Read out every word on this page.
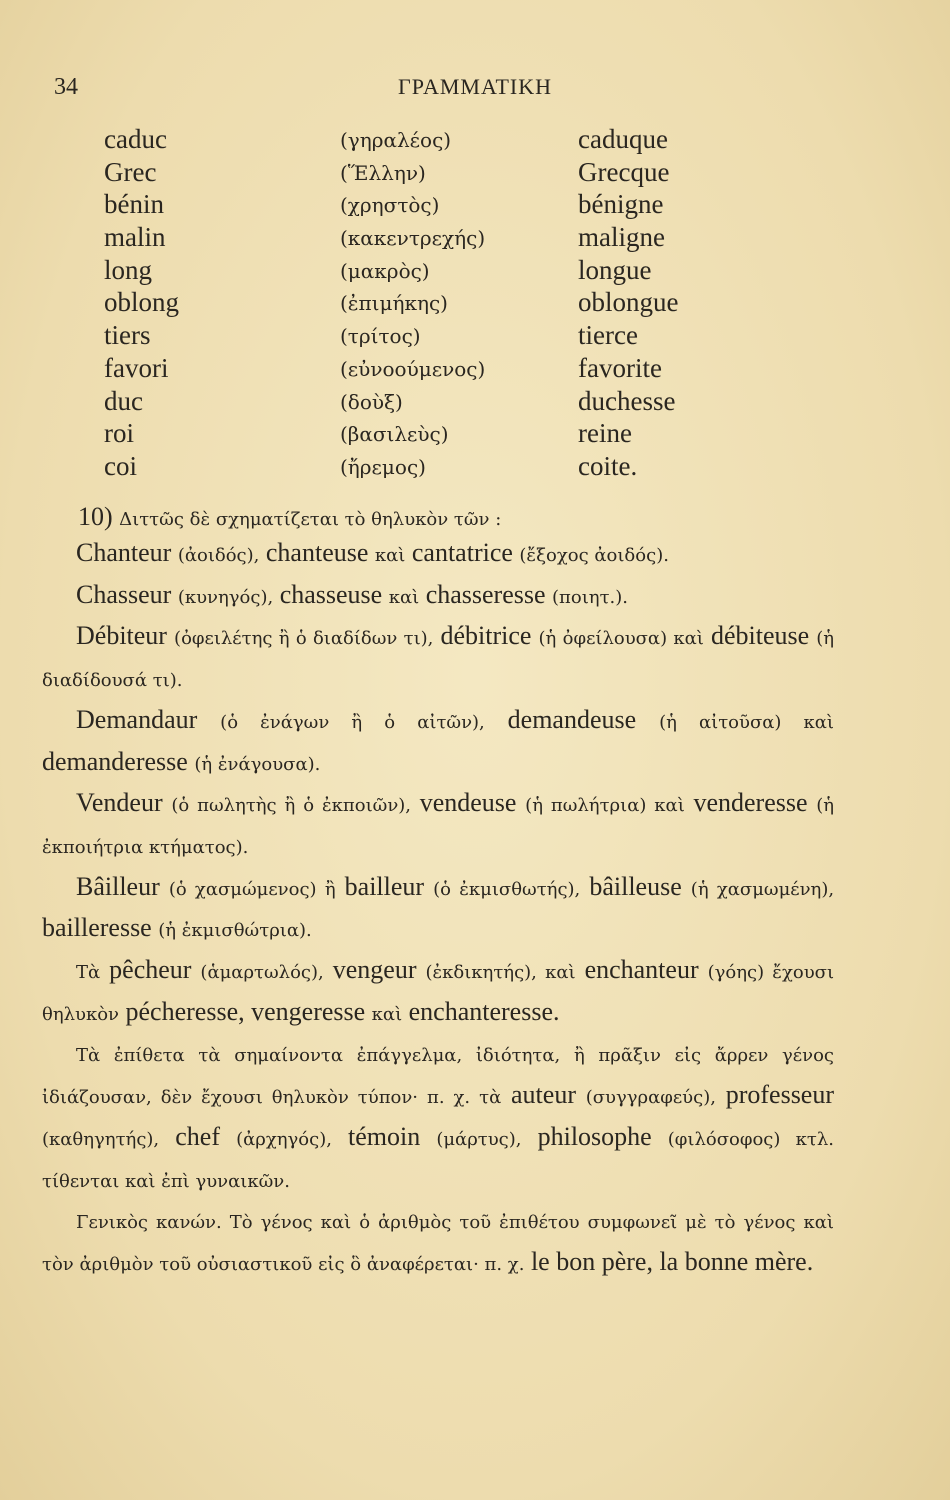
34	ΓΡΑΜΜΑΤΙΚΗ
caduc	(γηραλέος)	caduque
Grec	(Ἕλλην)	Grecque
bénin	(χρηστὸς)	bénigne
malin	(κακεντρεχής)	maligne
long	(μακρὸς)	longue
oblong	(ἐπιμήκης)	oblongue
tiers	(τρίτος)	tierce
favori	(εὐνοούμενος)	favorite
duc	(δοὺξ)	duchesse
roi	(βασιλεὺς)	reine
coi	(ἤρεμος)	coite.

10) Διττῶς δὲ σχηματίζεται τὸ θηλυκὸν τῶν :

Chanteur (ἀοιδός), chanteuse καὶ cantatrice (ἔξοχος ἀοιδός).

Chasseur (κυνηγός), chasseuse καὶ chasseresse (ποιητ.).

Débiteur (ὀφειλέτης ἢ ὁ διαδίδων τι), débitrice (ἡ ὀφείλουσα) καὶ débiteuse (ἡ διαδίδουσά τι).

Demandaur (ὁ ἐνάγων ἢ ὁ αἰτῶν), demandeuse (ἡ αἰτοῦσα) καὶ demanderesse (ἡ ἐνάγουσα).

Vendeur (ὁ πωλητὴς ἢ ὁ ἐκποιῶν), vendeuse (ἡ πωλήτρια) καὶ venderesse (ἡ ἐκποιήτρια κτήματος).

Bâilleur (ὁ χασμώμενος) ἢ bailleur (ὁ ἐκμισθωτής), bâilleuse (ἡ χασμωμένη), bailleresse (ἡ ἐκμισθώτρια).

Τὰ pêcheur (ἁμαρτωλός), vengeur (ἐκδικητής), καὶ enchanteur (γόης) ἔχουσι θηλυκὸν pécheresse, vengeresse καὶ enchanteresse.

Τὰ ἐπίθετα τὰ σημαίνοντα ἐπάγγελμα, ἰδιότητα, ἢ πρᾶξιν εἰς ἄρρεν γένος ἰδιάζουσαν, δὲν ἔχουσι θηλυκὸν τύπον· π. χ. τὰ auteur (συγγραφεύς), professeur (καθηγητής), chef (ἀρχηγός), témoin (μάρτυς), philosophe (φιλόσοφος) κτλ. τίθενται καὶ ἐπὶ γυναικῶν.

Γενικὸς κανών. Τὸ γένος καὶ ὁ ἀριθμὸς τοῦ ἐπιθέτου συμφωνεῖ μὲ τὸ γένος καὶ τὸν ἀριθμὸν τοῦ οὐσιαστικοῦ εἰς ὃ ἀναφέρεται· π. χ. le bon père, la bonne mère.
